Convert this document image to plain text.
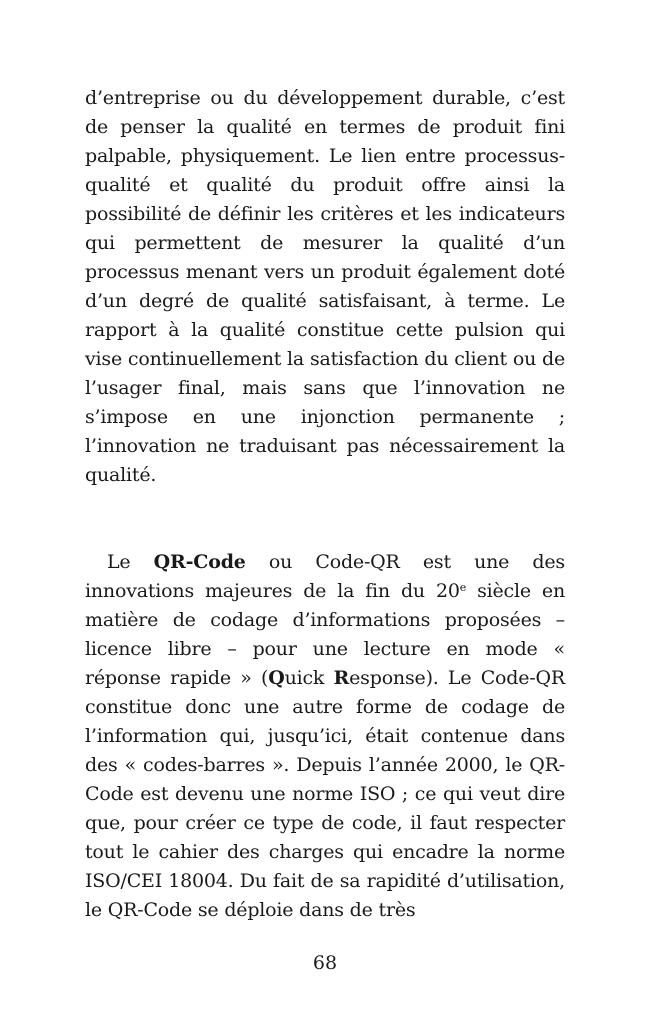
d’entreprise ou du développement durable, c’est de penser la qualité en termes de produit fini palpable, physiquement. Le lien entre processus-qualité et qualité du produit offre ainsi la possibilité de définir les critères et les indicateurs qui permettent de mesurer la qualité d’un processus menant vers un produit également doté d’un degré de qualité satisfaisant, à terme. Le rapport à la qualité constitue cette pulsion qui vise continuellement la satisfaction du client ou de l’usager final, mais sans que l’innovation ne s’impose en une injonction permanente ; l’innovation ne traduisant pas nécessairement la qualité.

Le QR-Code ou Code-QR est une des innovations majeures de la fin du 20e siècle en matière de codage d’informations proposées – licence libre – pour une lecture en mode « réponse rapide » (Quick Response). Le Code-QR constitue donc une autre forme de codage de l’information qui, jusqu’ici, était contenue dans des « codes-barres ». Depuis l’année 2000, le QR-Code est devenu une norme ISO ; ce qui veut dire que, pour créer ce type de code, il faut respecter tout le cahier des charges qui encadre la norme ISO/CEI 18004. Du fait de sa rapidité d’utilisation, le QR-Code se déploie dans de très

68
